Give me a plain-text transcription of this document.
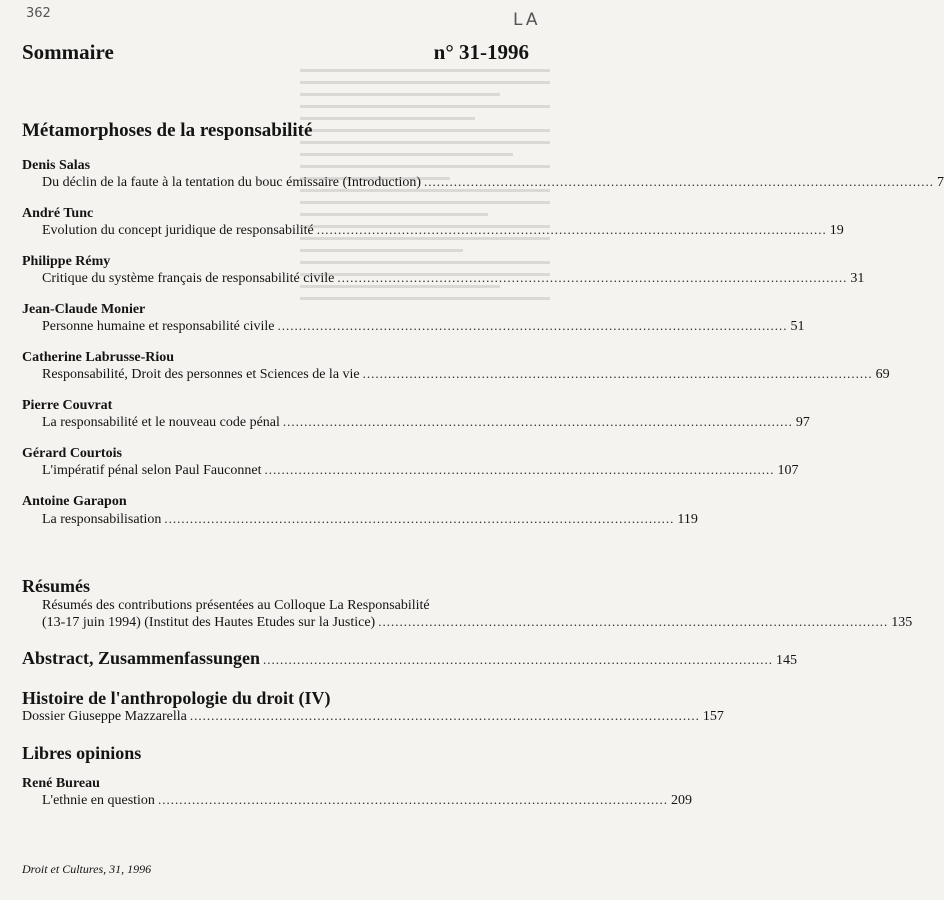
362	LA
Sommaire	n° 31-1996
Métamorphoses de la responsabilité
Denis Salas
Du déclin de la faute à la tentation du bouc émissaire (Introduction) ........................................................................................................................ 7
André Tunc
Evolution du concept juridique de responsabilité ........................................................................................................................ 19
Philippe Rémy
Critique du système français de responsabilité civile ........................................................................................................................ 31
Jean-Claude Monier
Personne humaine et responsabilité civile ........................................................................................................................ 51
Catherine Labrusse-Riou
Responsabilité, Droit des personnes et Sciences de la vie ........................................................................................................................ 69
Pierre Couvrat
La responsabilité et le nouveau code pénal ........................................................................................................................ 97
Gérard Courtois
L'impératif pénal selon Paul Fauconnet ........................................................................................................................ 107
Antoine Garapon
La responsabilisation ........................................................................................................................ 119
Résumés
Résumés des contributions présentées au Colloque La Responsabilité
(13-17 juin 1994) (Institut des Hautes Etudes sur la Justice) ........................................................................................................................ 135
Abstract, Zusammenfassungen ........................................................................................................................ 145
Histoire de l'anthropologie du droit (IV)
Dossier Giuseppe Mazzarella ........................................................................................................................ 157
Libres opinions
René Bureau
L'ethnie en question ........................................................................................................................ 209
Droit et Cultures, 31, 1996
